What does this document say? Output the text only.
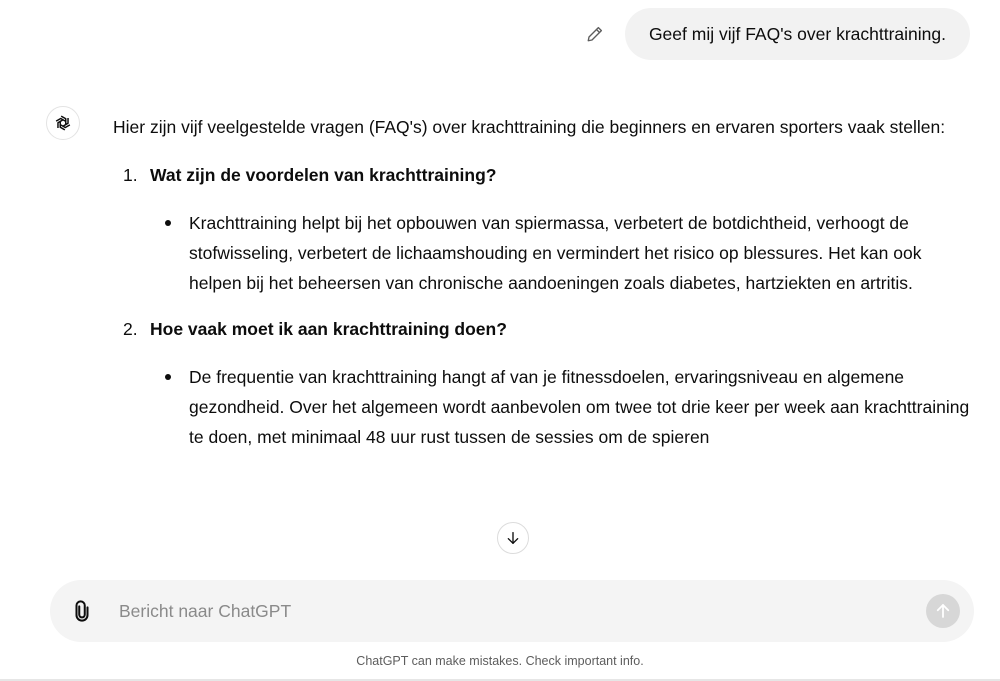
Geef mij vijf FAQ's over krachttraining.

Hier zijn vijf veelgestelde vragen (FAQ's) over krachttraining die beginners en ervaren sporters vaak stellen:

1. Wat zijn de voordelen van krachttraining?
Krachttraining helpt bij het opbouwen van spiermassa, verbetert de botdichtheid, verhoogt de stofwisseling, verbetert de lichaamshouding en vermindert het risico op blessures. Het kan ook helpen bij het beheersen van chronische aandoeningen zoals diabetes, hartziekten en artritis.
2. Hoe vaak moet ik aan krachttraining doen?
De frequentie van krachttraining hangt af van je fitnessdoelen, ervaringsniveau en algemene gezondheid. Over het algemeen wordt aanbevolen om twee tot drie keer per week aan krachttraining te doen, met minimaal 48 uur rust tussen de sessies om de spieren
Bericht naar ChatGPT
ChatGPT can make mistakes. Check important info.
